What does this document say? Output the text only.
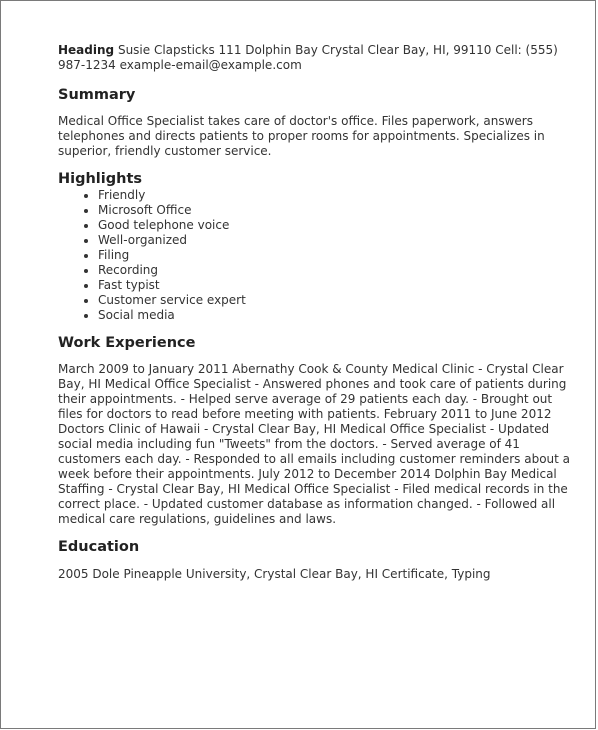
Heading Susie Clapsticks 111 Dolphin Bay Crystal Clear Bay, HI, 99110 Cell: (555) 987-1234 example-email@example.com

Summary

Medical Office Specialist takes care of doctor's office. Files paperwork, answers telephones and directs patients to proper rooms for appointments. Specializes in superior, friendly customer service.

Highlights
• Friendly
• Microsoft Office
• Good telephone voice
• Well-organized
• Filing
• Recording
• Fast typist
• Customer service expert
• Social media
Work Experience

March 2009 to January 2011 Abernathy Cook & County Medical Clinic - Crystal Clear Bay, HI Medical Office Specialist - Answered phones and took care of patients during their appointments. - Helped serve average of 29 patients each day. - Brought out files for doctors to read before meeting with patients. February 2011 to June 2012 Doctors Clinic of Hawaii - Crystal Clear Bay, HI Medical Office Specialist - Updated social media including fun "Tweets" from the doctors. - Served average of 41 customers each day. - Responded to all emails including customer reminders about a week before their appointments. July 2012 to December 2014 Dolphin Bay Medical Staffing - Crystal Clear Bay, HI Medical Office Specialist - Filed medical records in the correct place. - Updated customer database as information changed. - Followed all medical care regulations, guidelines and laws.

Education

2005 Dole Pineapple University, Crystal Clear Bay, HI Certificate, Typing
